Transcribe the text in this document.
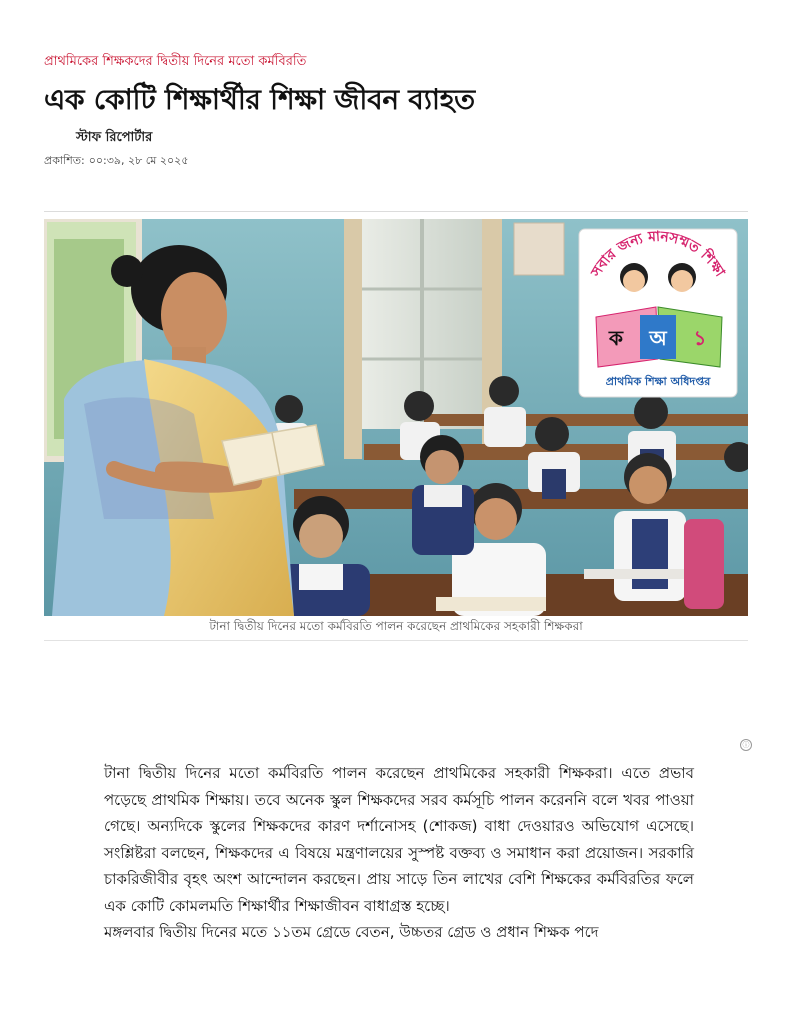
প্রাথমিকের শিক্ষকদের দ্বিতীয় দিনের মতো কর্মবিরতি
এক কোটি শিক্ষার্থীর শিক্ষা জীবন ব্যাহত
স্টাফ রিপোর্টার
প্রকাশিত: ০০:৩৯, ২৮ মে ২০২৫
সবার জন্য মানসম্মত শিক্ষা
ক অ ১
প্রাথমিক শিক্ষা অধিদপ্তর
টানা দ্বিতীয় দিনের মতো কর্মবিরতি পালন করেছেন প্রাথমিকের সহকারী শিক্ষকরা
ⓘ

টানা দ্বিতীয় দিনের মতো কর্মবিরতি পালন করেছেন প্রাথমিকের সহকারী শিক্ষকরা। এতে প্রভাব পড়েছে প্রাথমিক শিক্ষায়। তবে অনেক স্কুল শিক্ষকদের সরব কর্মসূচি পালন করেননি বলে খবর পাওয়া গেছে। অন্যদিকে স্কুলের শিক্ষকদের কারণ দর্শানোসহ (শোকজ) বাধা দেওয়ারও অভিযোগ এসেছে। সংশ্লিষ্টরা বলছেন, শিক্ষকদের এ বিষয়ে মন্ত্রণালয়ের সুস্পষ্ট বক্তব্য ও সমাধান করা প্রয়োজন। সরকারি চাকরিজীবীর বৃহৎ অংশ আন্দোলন করছেন। প্রায় সাড়ে তিন লাখের বেশি শিক্ষকের কর্মবিরতির ফলে এক কোটি কোমলমতি শিক্ষার্থীর শিক্ষাজীবন বাধাগ্রস্ত হচ্ছে।

মঙ্গলবার দ্বিতীয় দিনের মতে ১১তম গ্রেডে বেতন, উচ্চতর গ্রেড ও প্রধান শিক্ষক পদে
